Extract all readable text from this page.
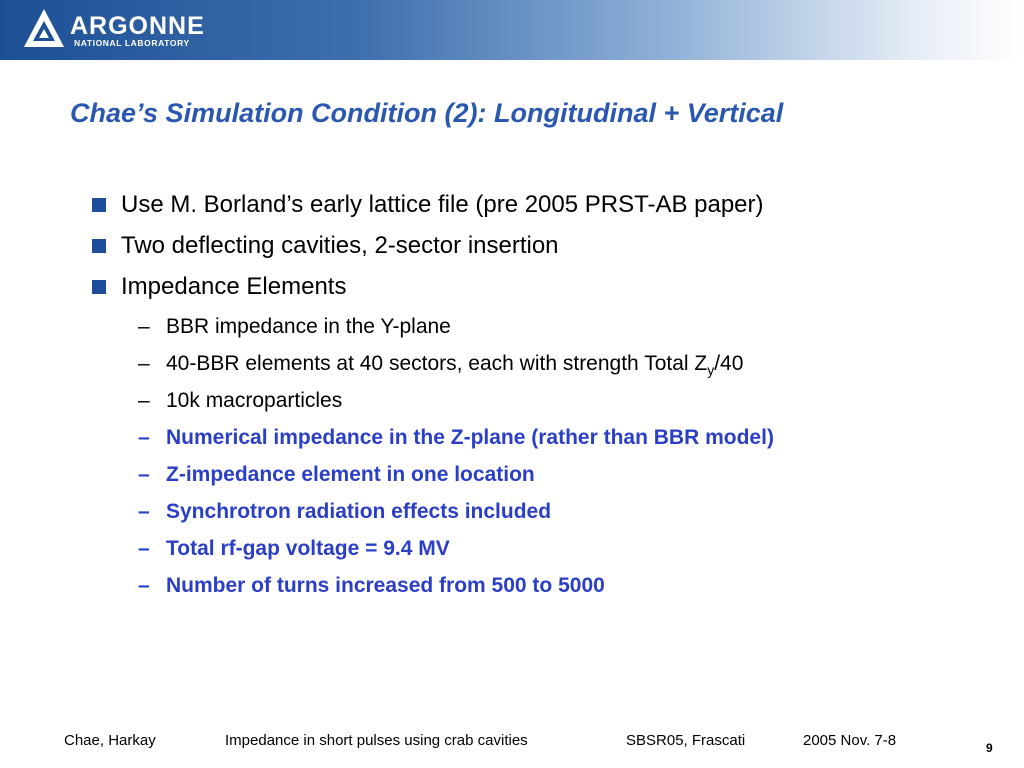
ARGONNE
NATIONAL LABORATORY
Chae’s Simulation Condition (2): Longitudinal + Vertical
Use M. Borland’s early lattice file (pre 2005 PRST-AB paper)
Two deflecting cavities, 2-sector insertion
Impedance Elements
– BBR impedance in the Y-plane
– 40-BBR elements at 40 sectors, each with strength Total $Z_y/40$
– 10k macroparticles
– Numerical impedance in the Z-plane (rather than BBR model)
– Z-impedance element in one location
– Synchrotron radiation effects included
– Total rf-gap voltage = 9.4 MV
– Number of turns increased from 500 to 5000
Chae, Harkay	Impedance in short pulses using crab cavities	SBSR05, Frascati	2005 Nov. 7-8	9
